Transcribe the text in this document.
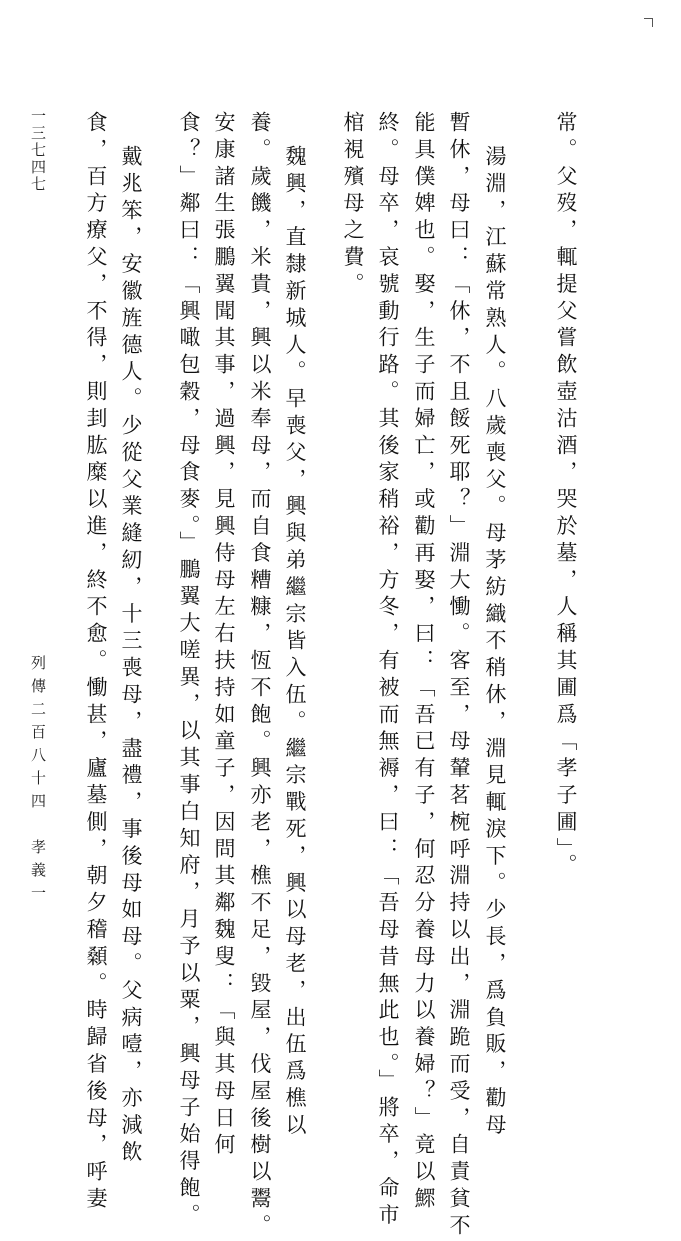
常。父歿，輒提父嘗飲壺沽酒，哭於墓，人稱其圃爲「孝子圃」。
湯淵，江蘇常熟人。八歲喪父。母茅紡織不稍休，淵見輒淚下。少長，爲負販，勸母
暫休，母曰：「休，不且餒死耶？」淵大慟。客至，母輦茗椀呼淵持以出，淵跪而受，自責貧不
能具僕婢也。娶，生子而婦亡，或勸再娶，曰：「吾已有子，何忍分養母力以養婦？」竟以鰥
終。母卒，哀號動行路。其後家稍裕，方冬，有被而無褥，曰：「吾母昔無此也。」將卒，命市
棺視殯母之費。
魏興，直隸新城人。早喪父，興與弟繼宗皆入伍。繼宗戰死，興以母老，出伍爲樵以
養。歲饑，米貴，興以米奉母，而自食糟糠，恆不飽。興亦老，樵不足，毀屋，伐屋後樹以鬻。
安康諸生張鵬翼聞其事，過興，見興侍母左右扶持如童子，因問其鄰魏叟：「與其母日何
食？」鄰曰：「興噉包穀，母食麥。」鵬翼大嗟異，以其事白知府，月予以粟，興母子始得飽。
戴兆笨，安徽旌德人。少從父業縫紉，十三喪母，盡禮，事後母如母。父病噎，亦減飲
食，百方療父，不得，則刲肱糜以進，終不愈。慟甚，廬墓側，朝夕稽顙。時歸省後母，呼妻
列傳二百八十四　孝義一
一三七四七
